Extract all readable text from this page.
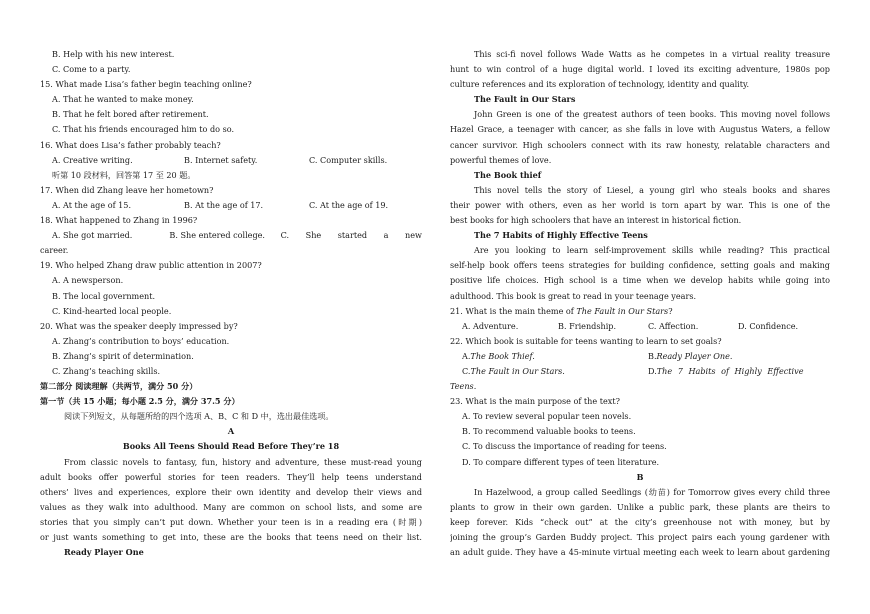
B. Help with his new interest.
C. Come to a party.
15. What made Lisa’s father begin teaching online?
A. That he wanted to make money.
B. That he felt bored after retirement.
C. That his friends encouraged him to do so.
16. What does Lisa’s father probably teach?
A. Creative writing.	B. Internet safety.	C. Computer skills.
听第 10 段材料，回答第 17 至 20 题。
17. When did Zhang leave her hometown?
A. At the age of 15.	B. At the age of 17.	C. At the age of 19.
18. What happened to Zhang in 1996?
A. She got married.	B. She entered college.	C. She started a new
career.
19. Who helped Zhang draw public attention in 2007?
A. A newsperson.
B. The local government.
C. Kind-hearted local people.
20. What was the speaker deeply impressed by?
A. Zhang’s contribution to boys’ education.
B. Zhang’s spirit of determination.
C. Zhang’s teaching skills.
第二部分 阅读理解（共两节，满分 50 分）
第一节（共 15 小题；每小题 2.5 分，满分 37.5 分）
阅读下列短文，从每题所给的四个选项 A、B、C 和 D 中，选出最佳选项。
A
Books All Teens Should Read Before They’re 18
From classic novels to fantasy, fun, history and adventure, these must-read young
adult books offer powerful stories for teen readers. They’ll help teens understand
others’ lives and experiences, explore their own identity and develop their views and
values as they walk into adulthood. Many are common on school lists, and some are
stories that you simply can’t put down. Whether your teen is in a reading era (时期)
or just wants something to get into, these are the books that teens need on their list.
Ready Player One
This sci-fi novel follows Wade Watts as he competes in a virtual reality treasure
hunt to win control of a huge digital world. I loved its exciting adventure, 1980s pop
culture references and its exploration of technology, identity and quality.
The Fault in Our Stars
John Green is one of the greatest authors of teen books. This moving novel follows
Hazel Grace, a teenager with cancer, as she falls in love with Augustus Waters, a fellow
cancer survivor. High schoolers connect with its raw honesty, relatable characters and
powerful themes of love.
The Book thief
This novel tells the story of Liesel, a young girl who steals books and shares
their power with others, even as her world is torn apart by war. This is one of the
best books for high schoolers that have an interest in historical fiction.
The 7 Habits of Highly Effective Teens
Are you looking to learn self-improvement skills while reading? This practical
self-help book offers teens strategies for building confidence, setting goals and making
positive life choices. High school is a time when we develop habits while going into
adulthood. This book is great to read in your teenage years.
21. What is the main theme of The Fault in Our Stars?
A. Adventure.	B. Friendship.	C. Affection.	D. Confidence.
22. Which book is suitable for teens wanting to learn to set goals?
A.The Book Thief.	B.Ready Player One.
C.The Fault in Our Stars.	D.The 7 Habits of Highly Effective
Teens.
23. What is the main purpose of the text?
A. To review several popular teen novels.
B. To recommend valuable books to teens.
C. To discuss the importance of reading for teens.
D. To compare different types of teen literature.
B
In Hazelwood, a group called Seedlings (幼苗) for Tomorrow gives every child three
plants to grow in their own garden. Unlike a public park, these plants are theirs to
keep forever. Kids “check out” at the city’s greenhouse not with money, but by
joining the group’s Garden Buddy project. This project pairs each young gardener with
an adult guide. They have a 45-minute virtual meeting each week to learn about gardening
